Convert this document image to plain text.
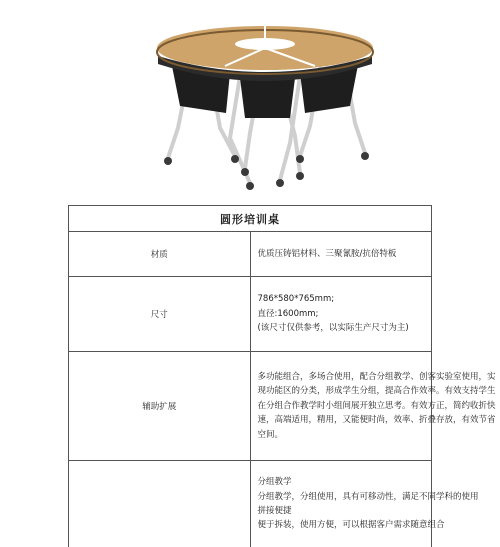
圆形培训桌	
材质	优质压铸铝材料、三聚氰胺/抗倍特板

尺寸	786*580*765mm;
直径:1600mm;
(该尺寸仅供参考，以实际生产尺寸为主)

辅助扩展	多功能组合，多场合使用，配合分组教学、创客实验室使用，实
现功能区的分类，形成学生分组，提高合作效率。有效支持学生
在分组合作教学时小组间展开独立思考。有效方正，简约收折快
速，高端适用，精用，又能便时尚，效率、折叠存放，有效节省
空间。

	分组教学
分组教学，分组使用，具有可移动性，满足不同学科的使用
拼接便捷
便于拆装，使用方便，可以根据客户需求随意组合
